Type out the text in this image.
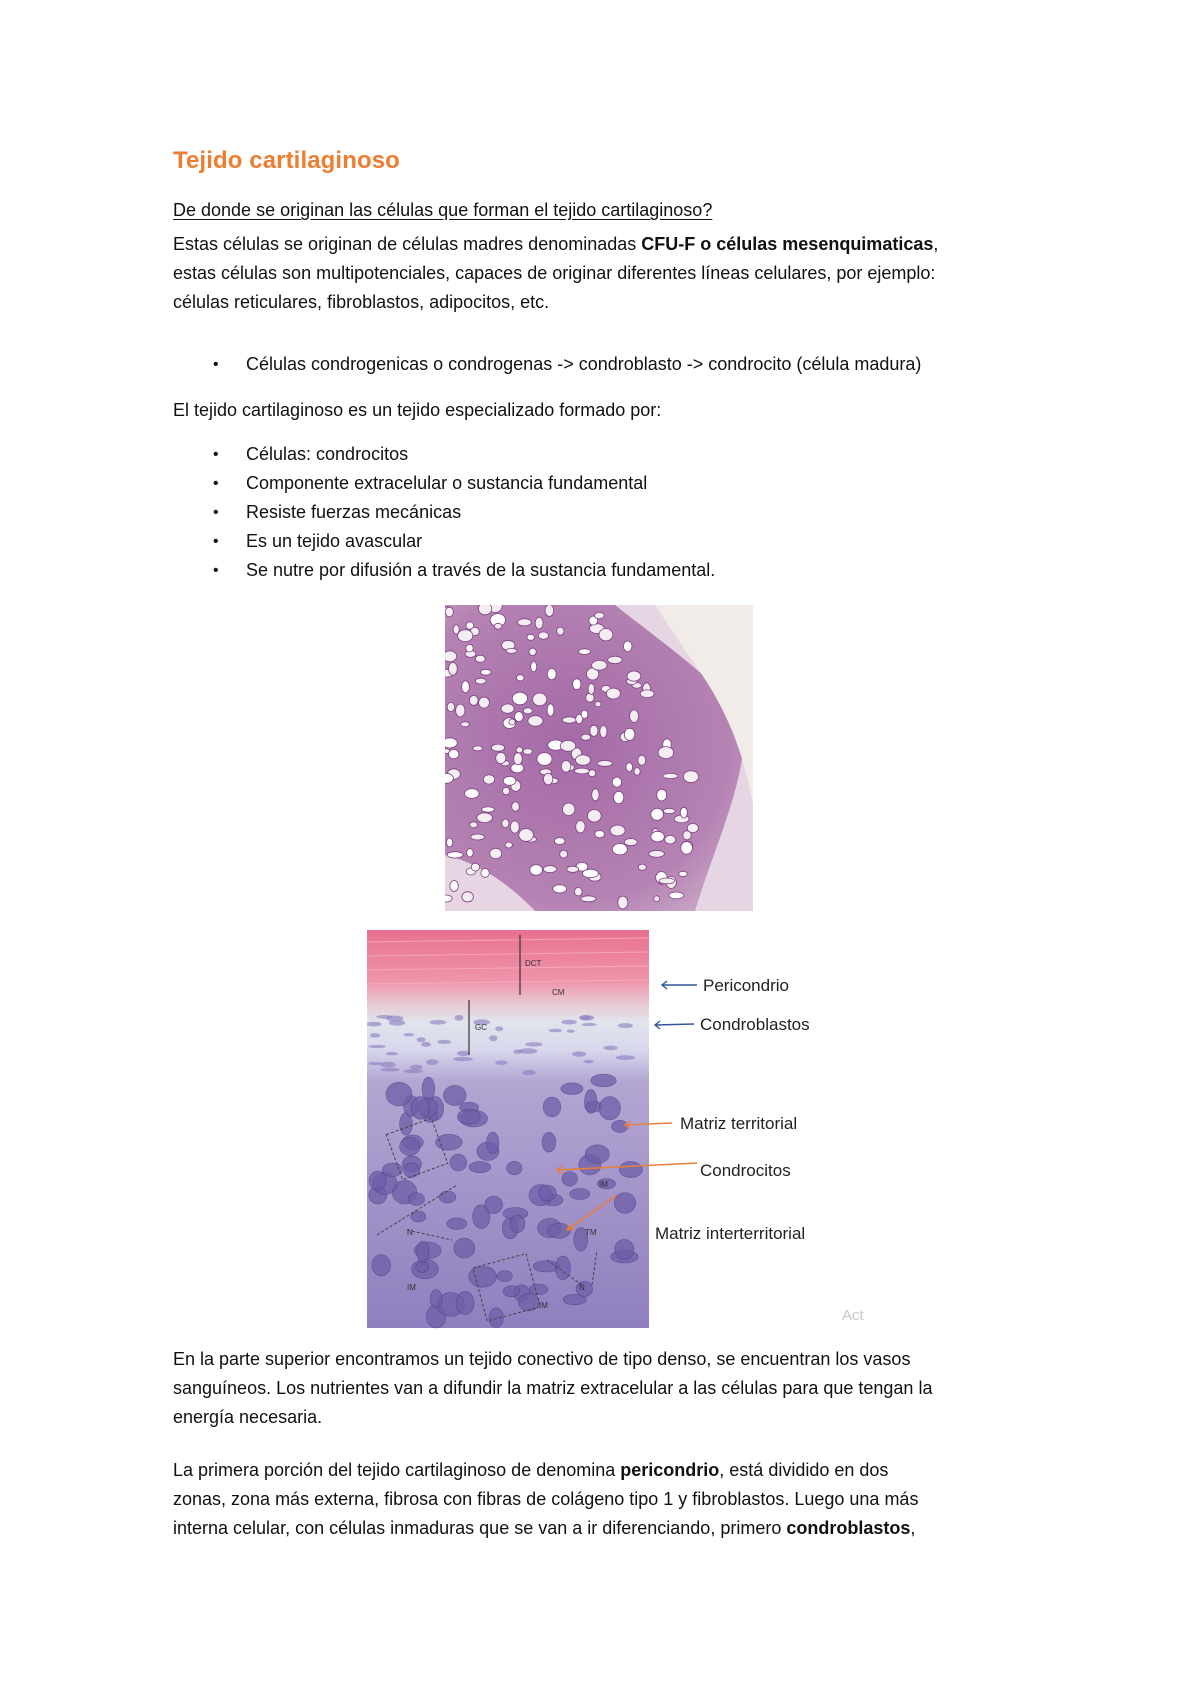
Tejido cartilaginoso

De donde se originan las células que forman el tejido cartilaginoso?

Estas células se originan de células madres denominadas CFU-F o células mesenquimaticas,
estas células son multipotenciales, capaces de originar diferentes líneas celulares, por ejemplo:
células reticulares, fibroblastos, adipocitos, etc.

• Células condrogenicas o condrogenas -> condroblasto -> condrocito (célula madura)

El tejido cartilaginoso es un tejido especializado formado por:

• Células: condrocitos
• Componente extracelular o sustancia fundamental
• Resiste fuerzas mecánicas
• Es un tejido avascular
• Se nutre por difusión a través de la sustancia fundamental.
DCT
CM
GC
IM
TM
N
N
IM
IM
Pericondrio
Condroblastos
Matriz territorial
Condrocitos
Matriz interterritorial
Act

En la parte superior encontramos un tejido conectivo de tipo denso, se encuentran los vasos
sanguíneos. Los nutrientes van a difundir la matriz extracelular a las células para que tengan la
energía necesaria.

La primera porción del tejido cartilaginoso de denomina pericondrio, está dividido en dos
zonas, zona más externa, fibrosa con fibras de colágeno tipo 1 y fibroblastos. Luego una más
interna celular, con células inmaduras que se van a ir diferenciando, primero condroblastos,
